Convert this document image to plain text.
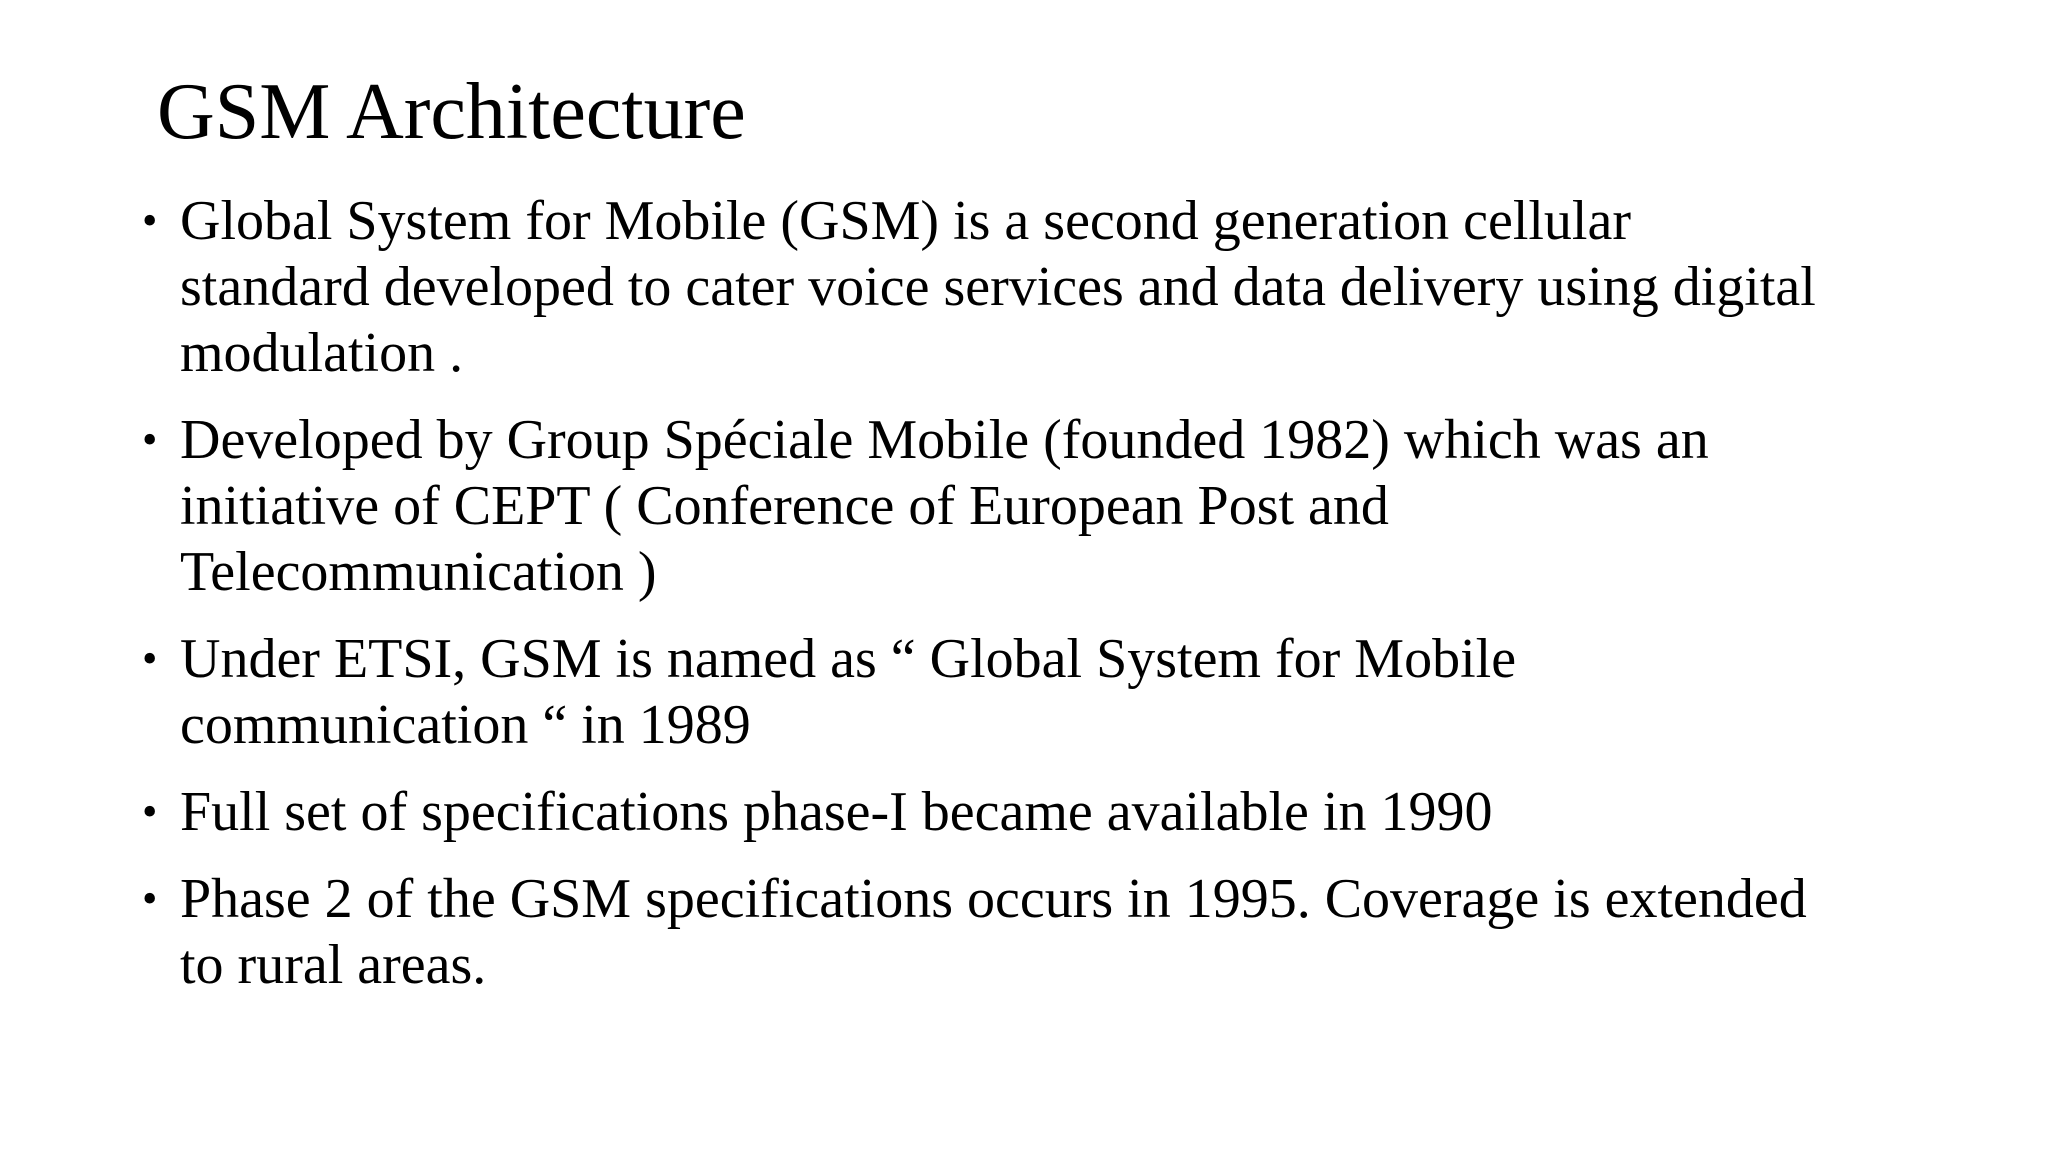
GSM Architecture
• Global System for Mobile (GSM) is a second generation cellular
standard developed to cater voice services and data delivery using digital
modulation .
• Developed by Group Spéciale Mobile (founded 1982) which was an
initiative of CEPT ( Conference of European Post and
Telecommunication )
• Under ETSI, GSM is named as “ Global System for Mobile
communication “ in 1989
• Full set of specifications phase-I became available in 1990
• Phase 2 of the GSM specifications occurs in 1995. Coverage is extended
to rural areas.
